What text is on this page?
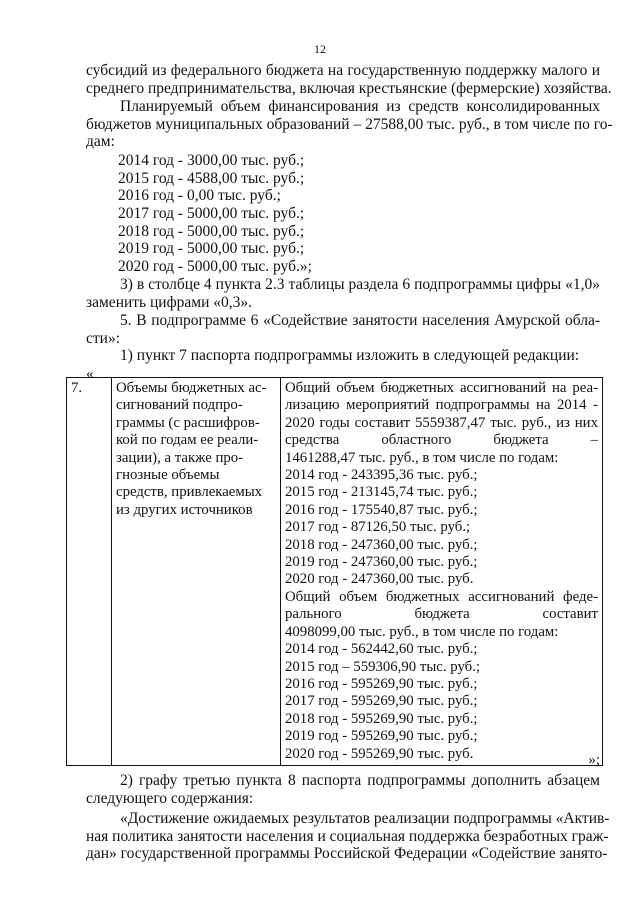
12
субсидий из федерального бюджета на государственную поддержку малого и
среднего предпринимательства, включая крестьянские (фермерские) хозяйства.
Планируемый объем финансирования из средств консолидированных
бюджетов муниципальных образований – 27588,00 тыс. руб., в том числе по го-
дам:
2014 год - 3000,00 тыс. руб.;
2015 год - 4588,00 тыс. руб.;
2016 год - 0,00 тыс. руб.;
2017 год - 5000,00 тыс. руб.;
2018 год - 5000,00 тыс. руб.;
2019 год - 5000,00 тыс. руб.;
2020 год - 5000,00 тыс. руб.»;
3) в столбце 4 пункта 2.3 таблицы раздела 6 подпрограммы цифры «1,0»
заменить цифрами «0,3».
5. В подпрограмме 6 «Содействие занятости населения Амурской обла-
сти»:
1) пункт 7 паспорта подпрограммы изложить в следующей редакции:
«
7.	Объемы бюджетных ас-
сигнований подпро-
граммы (с расшифров-
кой по годам ее реали-
зации), а также про-
гнозные объемы
средств, привлекаемых
из других источников

Общий объем бюджетных ассигнований на реа-
лизацию мероприятий подпрограммы на 2014 -
2020 годы составит 5559387,47 тыс. руб., из них
средства областного бюджета –
1461288,47 тыс. руб., в том числе по годам:
2014 год - 243395,36 тыс. руб.;
2015 год - 213145,74 тыс. руб.;
2016 год - 175540,87 тыс. руб.;
2017 год - 87126,50 тыс. руб.;
2018 год - 247360,00 тыс. руб.;
2019 год - 247360,00 тыс. руб.;
2020 год - 247360,00 тыс. руб.
Общий объем бюджетных ассигнований феде-
рального бюджета составит
4098099,00 тыс. руб., в том числе по годам:
2014 год - 562442,60 тыс. руб.;
2015 год – 559306,90 тыс. руб.;
2016 год - 595269,90 тыс. руб.;
2017 год - 595269,90 тыс. руб.;
2018 год - 595269,90 тыс. руб.;
2019 год - 595269,90 тыс. руб.;
2020 год - 595269,90 тыс. руб.	»;
2) графу третью пункта 8 паспорта подпрограммы дополнить абзацем
следующего содержания:
«Достижение ожидаемых результатов реализации подпрограммы «Актив-
ная политика занятости населения и социальная поддержка безработных граж-
дан» государственной программы Российской Федерации «Содействие занято-
